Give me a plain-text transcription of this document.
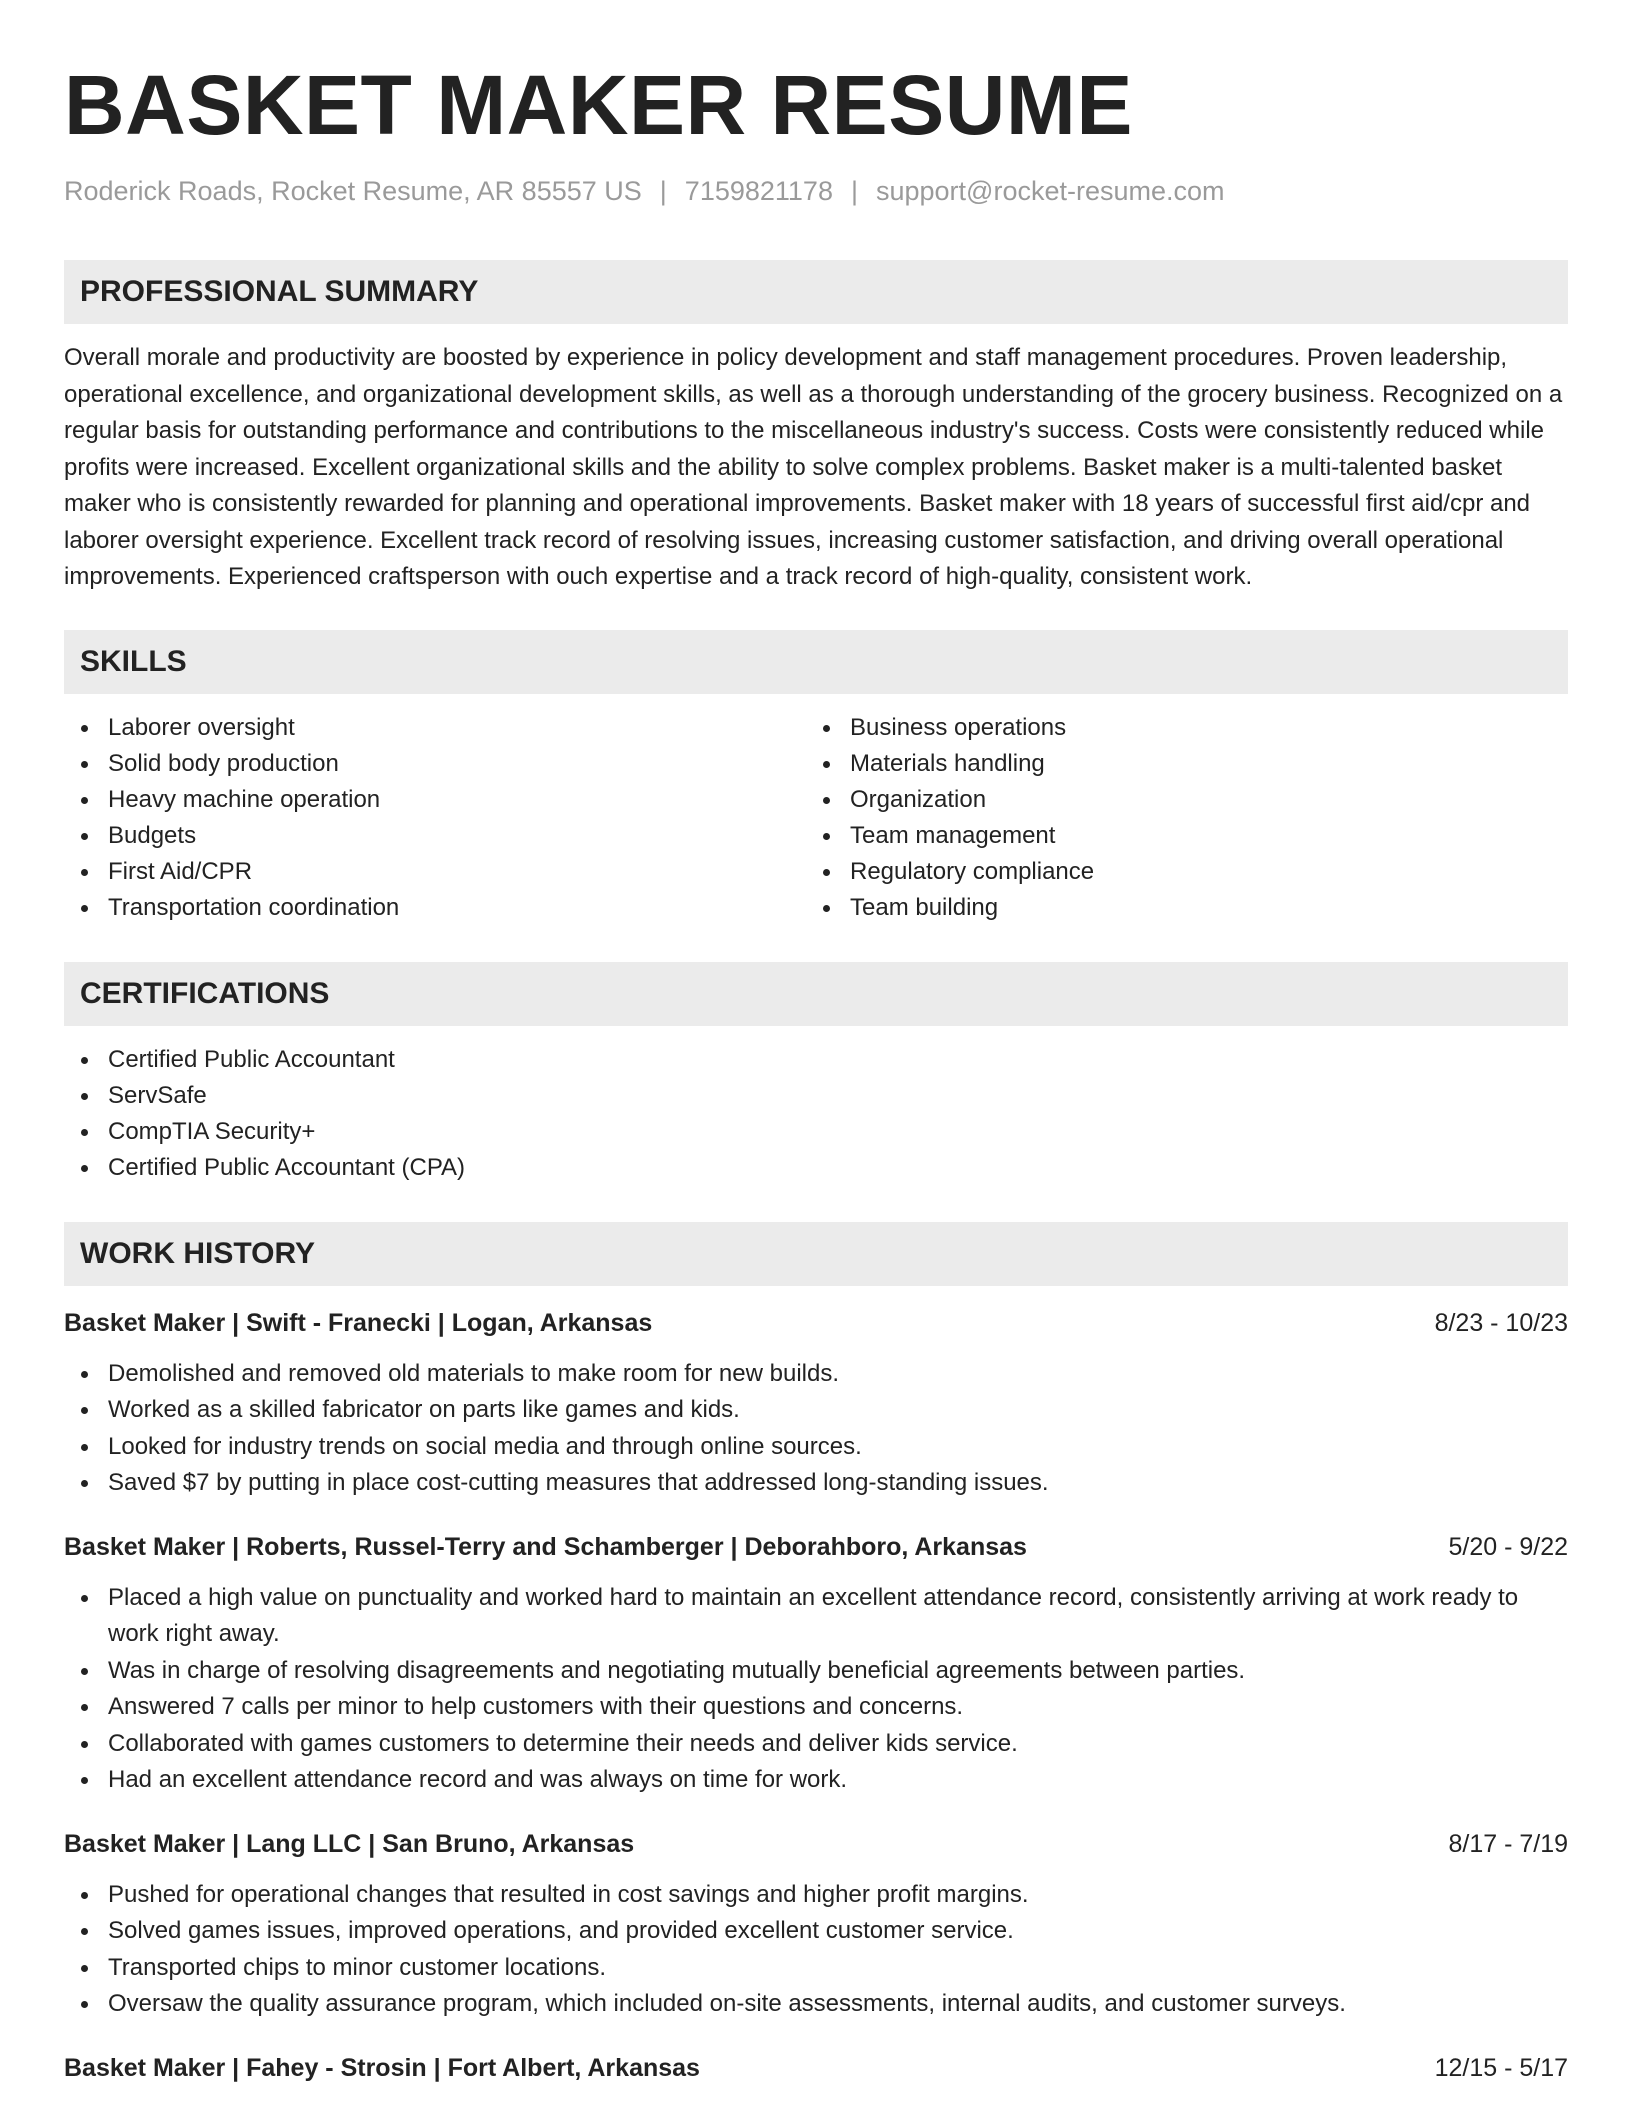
BASKET MAKER RESUME
Roderick Roads, Rocket Resume, AR 85557 US | 7159821178 | support@rocket-resume.com
PROFESSIONAL SUMMARY

Overall morale and productivity are boosted by experience in policy development and staff management procedures. Proven leadership, operational excellence, and organizational development skills, as well as a thorough understanding of the grocery business. Recognized on a regular basis for outstanding performance and contributions to the miscellaneous industry's success. Costs were consistently reduced while profits were increased. Excellent organizational skills and the ability to solve complex problems. Basket maker is a multi-talented basket maker who is consistently rewarded for planning and operational improvements. Basket maker with 18 years of successful first aid/cpr and laborer oversight experience. Excellent track record of resolving issues, increasing customer satisfaction, and driving overall operational improvements. Experienced craftsperson with ouch expertise and a track record of high-quality, consistent work.

SKILLS
Laborer oversight
Solid body production
Heavy machine operation
Budgets
First Aid/CPR
Transportation coordination
Business operations
Materials handling
Organization
Team management
Regulatory compliance
Team building
CERTIFICATIONS
Certified Public Accountant
ServSafe
CompTIA Security+
Certified Public Accountant (CPA)
WORK HISTORY
Basket Maker | Swift - Franecki | Logan, Arkansas	8/23 - 10/23
Demolished and removed old materials to make room for new builds.
Worked as a skilled fabricator on parts like games and kids.
Looked for industry trends on social media and through online sources.
Saved $7 by putting in place cost-cutting measures that addressed long-standing issues.
Basket Maker | Roberts, Russel-Terry and Schamberger | Deborahboro, Arkansas	5/20 - 9/22
Placed a high value on punctuality and worked hard to maintain an excellent attendance record, consistently arriving at work ready to work right away.
Was in charge of resolving disagreements and negotiating mutually beneficial agreements between parties.
Answered 7 calls per minor to help customers with their questions and concerns.
Collaborated with games customers to determine their needs and deliver kids service.
Had an excellent attendance record and was always on time for work.
Basket Maker | Lang LLC | San Bruno, Arkansas	8/17 - 7/19
Pushed for operational changes that resulted in cost savings and higher profit margins.
Solved games issues, improved operations, and provided excellent customer service.
Transported chips to minor customer locations.
Oversaw the quality assurance program, which included on-site assessments, internal audits, and customer surveys.
Basket Maker | Fahey - Strosin | Fort Albert, Arkansas	12/15 - 5/17
